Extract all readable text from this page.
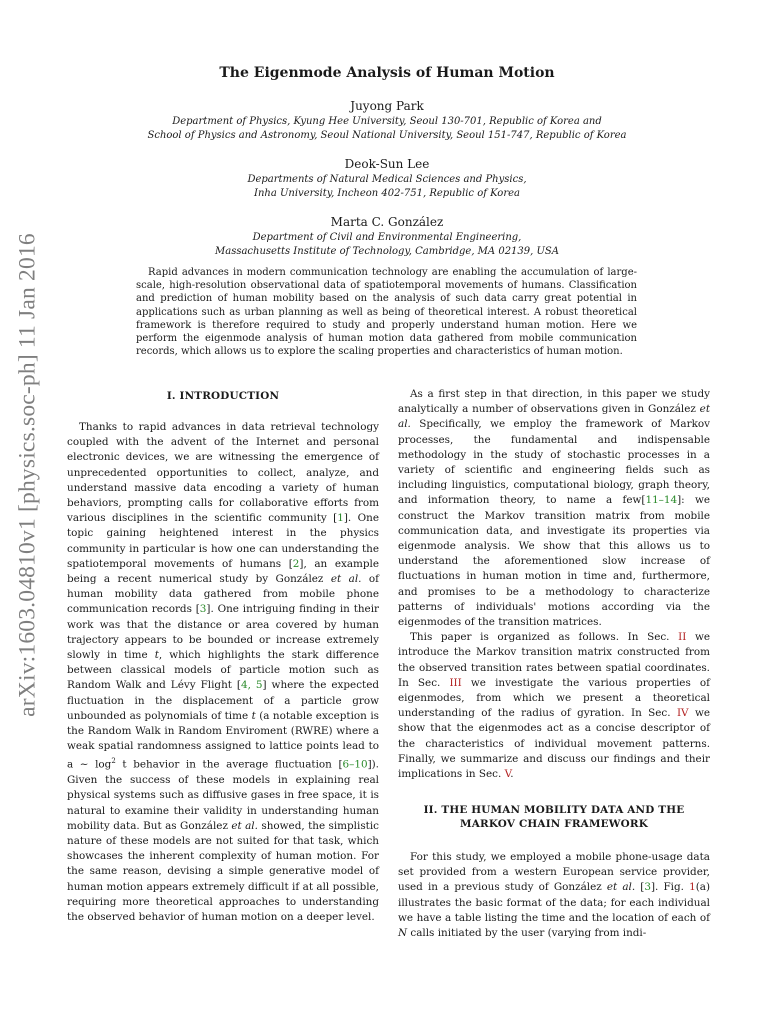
arXiv:1603.04810v1 [physics.soc-ph] 11 Jan 2016
The Eigenmode Analysis of Human Motion
Juyong Park
Department of Physics, Kyung Hee University, Seoul 130-701, Republic of Korea and
School of Physics and Astronomy, Seoul National University, Seoul 151-747, Republic of Korea
Deok-Sun Lee
Departments of Natural Medical Sciences and Physics,
Inha University, Incheon 402-751, Republic of Korea
Marta C. González
Department of Civil and Environmental Engineering,
Massachusetts Institute of Technology, Cambridge, MA 02139, USA
Rapid advances in modern communication technology are enabling the accumulation of large-scale, high-resolution observational data of spatiotemporal movements of humans. Classification and prediction of human mobility based on the analysis of such data carry great potential in applications such as urban planning as well as being of theoretical interest. A robust theoretical framework is therefore required to study and properly understand human motion. Here we perform the eigenmode analysis of human motion data gathered from mobile communication records, which allows us to explore the scaling properties and characteristics of human motion.
I. INTRODUCTION

Thanks to rapid advances in data retrieval technology coupled with the advent of the Internet and personal electronic devices, we are witnessing the emergence of unprecedented opportunities to collect, analyze, and understand massive data encoding a variety of human behaviors, prompting calls for collaborative efforts from various disciplines in the scientific community [1]. One topic gaining heightened interest in the physics community in particular is how one can understanding the spatiotemporal movements of humans [2], an example being a recent numerical study by González et al. of human mobility data gathered from mobile phone communication records [3]. One intriguing finding in their work was that the distance or area covered by human trajectory appears to be bounded or increase extremely slowly in time t, which highlights the stark difference between classical models of particle motion such as Random Walk and Lévy Flight [4, 5] where the expected fluctuation in the displacement of a particle grow unbounded as polynomials of time t (a notable exception is the Random Walk in Random Enviroment (RWRE) where a weak spatial randomness assigned to lattice points lead to a ∼ $\log^2 t$ behavior in the average fluctuation [6–10]). Given the success of these models in explaining real physical systems such as diffusive gases in free space, it is natural to examine their validity in understanding human mobility data. But as González et al. showed, the simplistic nature of these models are not suited for that task, which showcases the inherent complexity of human motion. For the same reason, devising a simple generative model of human motion appears extremely difficult if at all possible, requiring more theoretical approaches to understanding the observed behavior of human motion on a deeper level.

As a first step in that direction, in this paper we study analytically a number of observations given in González et al. Specifically, we employ the framework of Markov processes, the fundamental and indispensable methodology in the study of stochastic processes in a variety of scientific and engineering fields such as including linguistics, computational biology, graph theory, and information theory, to name a few[11–14]: we construct the Markov transition matrix from mobile communication data, and investigate its properties via eigenmode analysis. We show that this allows us to understand the aforementioned slow increase of fluctuations in human motion in time and, furthermore, and promises to be a methodology to characterize patterns of individuals' motions according via the eigenmodes of the transition matrices.

This paper is organized as follows. In Sec. II we introduce the Markov transition matrix constructed from the observed transition rates between spatial coordinates. In Sec. III we investigate the various properties of eigenmodes, from which we present a theoretical understanding of the radius of gyration. In Sec. IV we show that the eigenmodes act as a concise descriptor of the characteristics of individual movement patterns. Finally, we summarize and discuss our findings and their implications in Sec. V.

II. THE HUMAN MOBILITY DATA AND THE
MARKOV CHAIN FRAMEWORK

For this study, we employed a mobile phone-usage data set provided from a western European service provider, used in a previous study of González et al. [3]. Fig. 1(a) illustrates the basic format of the data; for each individual we have a table listing the time and the location of each of N calls initiated by the user (varying from indi-
